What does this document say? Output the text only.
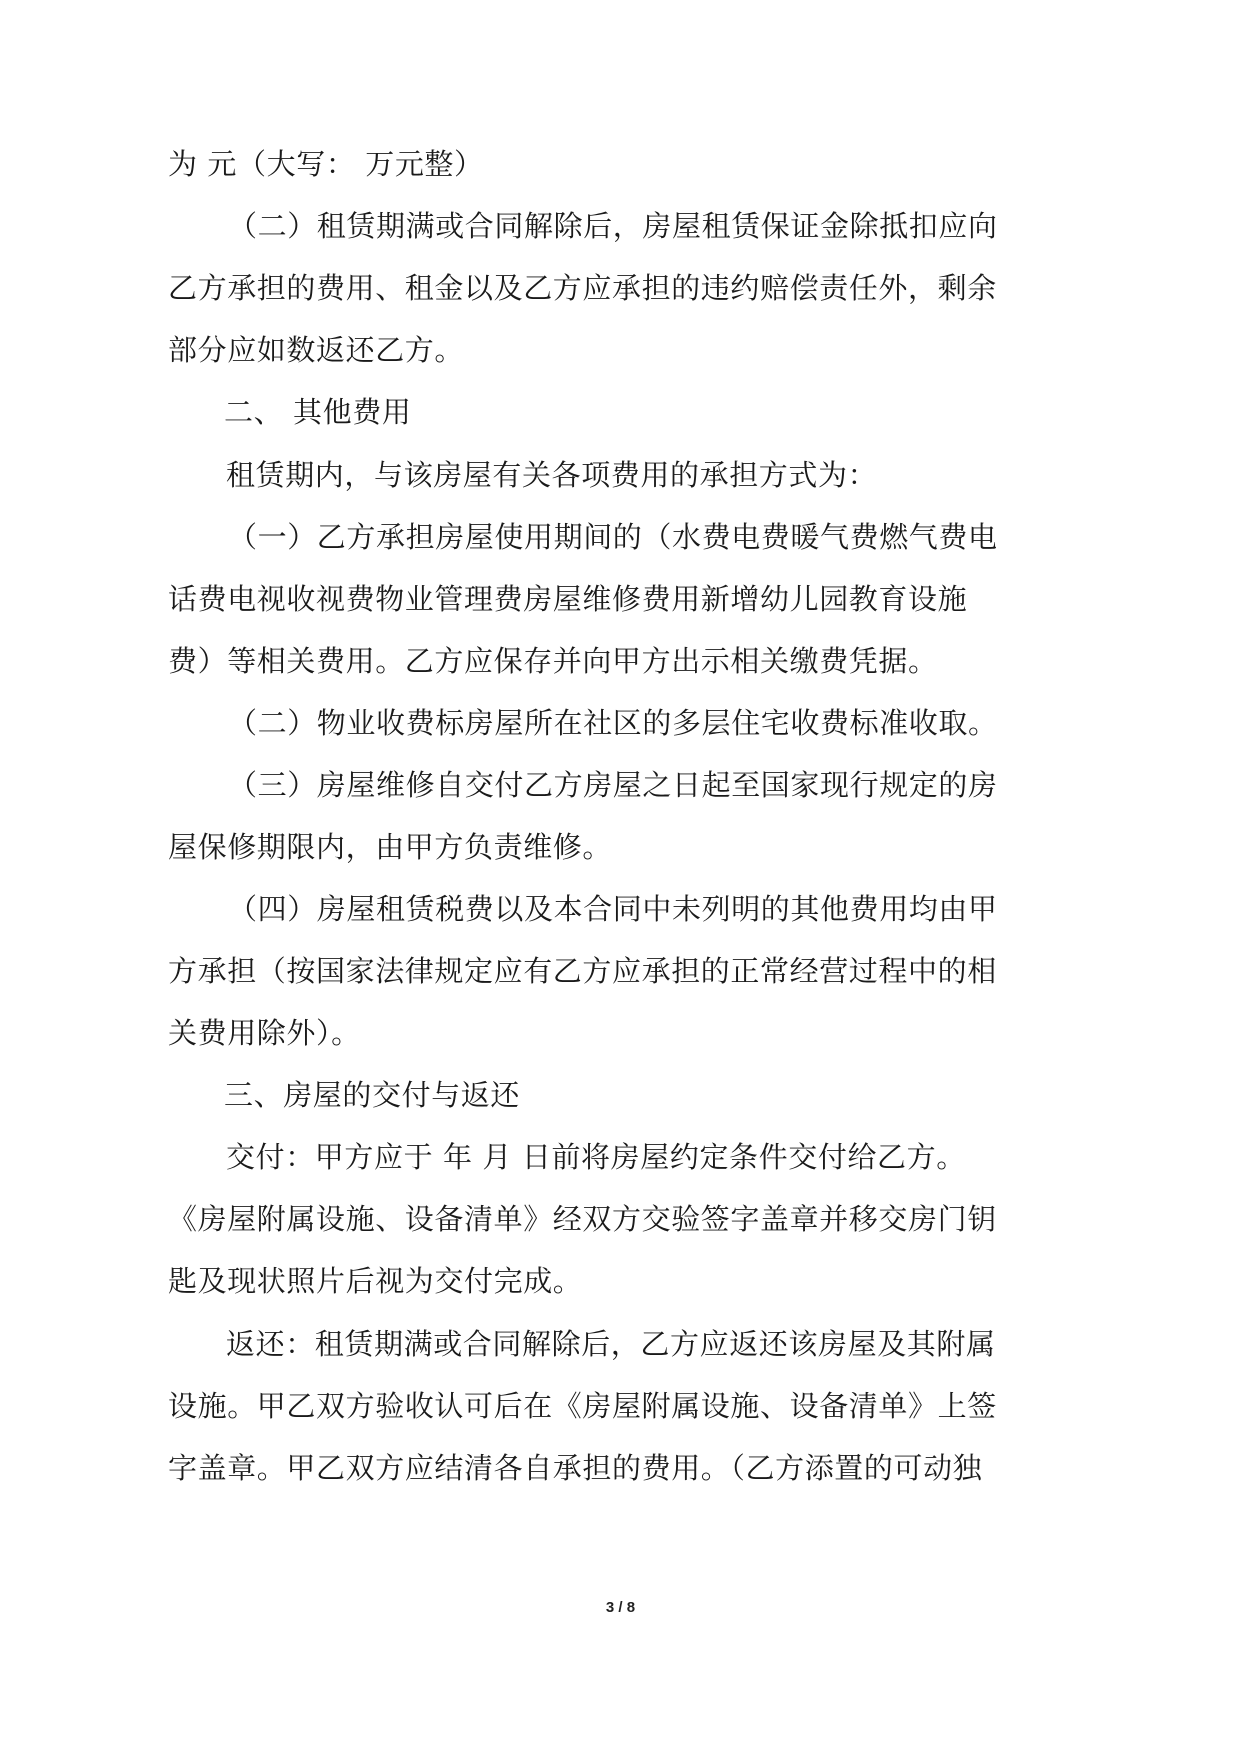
为 元（大写： 万元整）
（二）租赁期满或合同解除后，房屋租赁保证金除抵扣应向
乙方承担的费用、租金以及乙方应承担的违约赔偿责任外，剩余
部分应如数返还乙方。
二、 其他费用
租赁期内，与该房屋有关各项费用的承担方式为：
（一）乙方承担房屋使用期间的（水费电费暖气费燃气费电
话费电视收视费物业管理费房屋维修费用新增幼儿园教育设施
费）等相关费用。乙方应保存并向甲方出示相关缴费凭据。
（二）物业收费标房屋所在社区的多层住宅收费标准收取。
（三）房屋维修自交付乙方房屋之日起至国家现行规定的房
屋保修期限内，由甲方负责维修。
（四）房屋租赁税费以及本合同中未列明的其他费用均由甲
方承担（按国家法律规定应有乙方应承担的正常经营过程中的相
关费用除外）。
三、房屋的交付与返还
交付：甲方应于 年 月 日前将房屋约定条件交付给乙方。
《房屋附属设施、设备清单》经双方交验签字盖章并移交房门钥
匙及现状照片后视为交付完成。
返还：租赁期满或合同解除后，乙方应返还该房屋及其附属
设施。甲乙双方验收认可后在《房屋附属设施、设备清单》上签
字盖章。甲乙双方应结清各自承担的费用。（乙方添置的可动独
3 / 8
